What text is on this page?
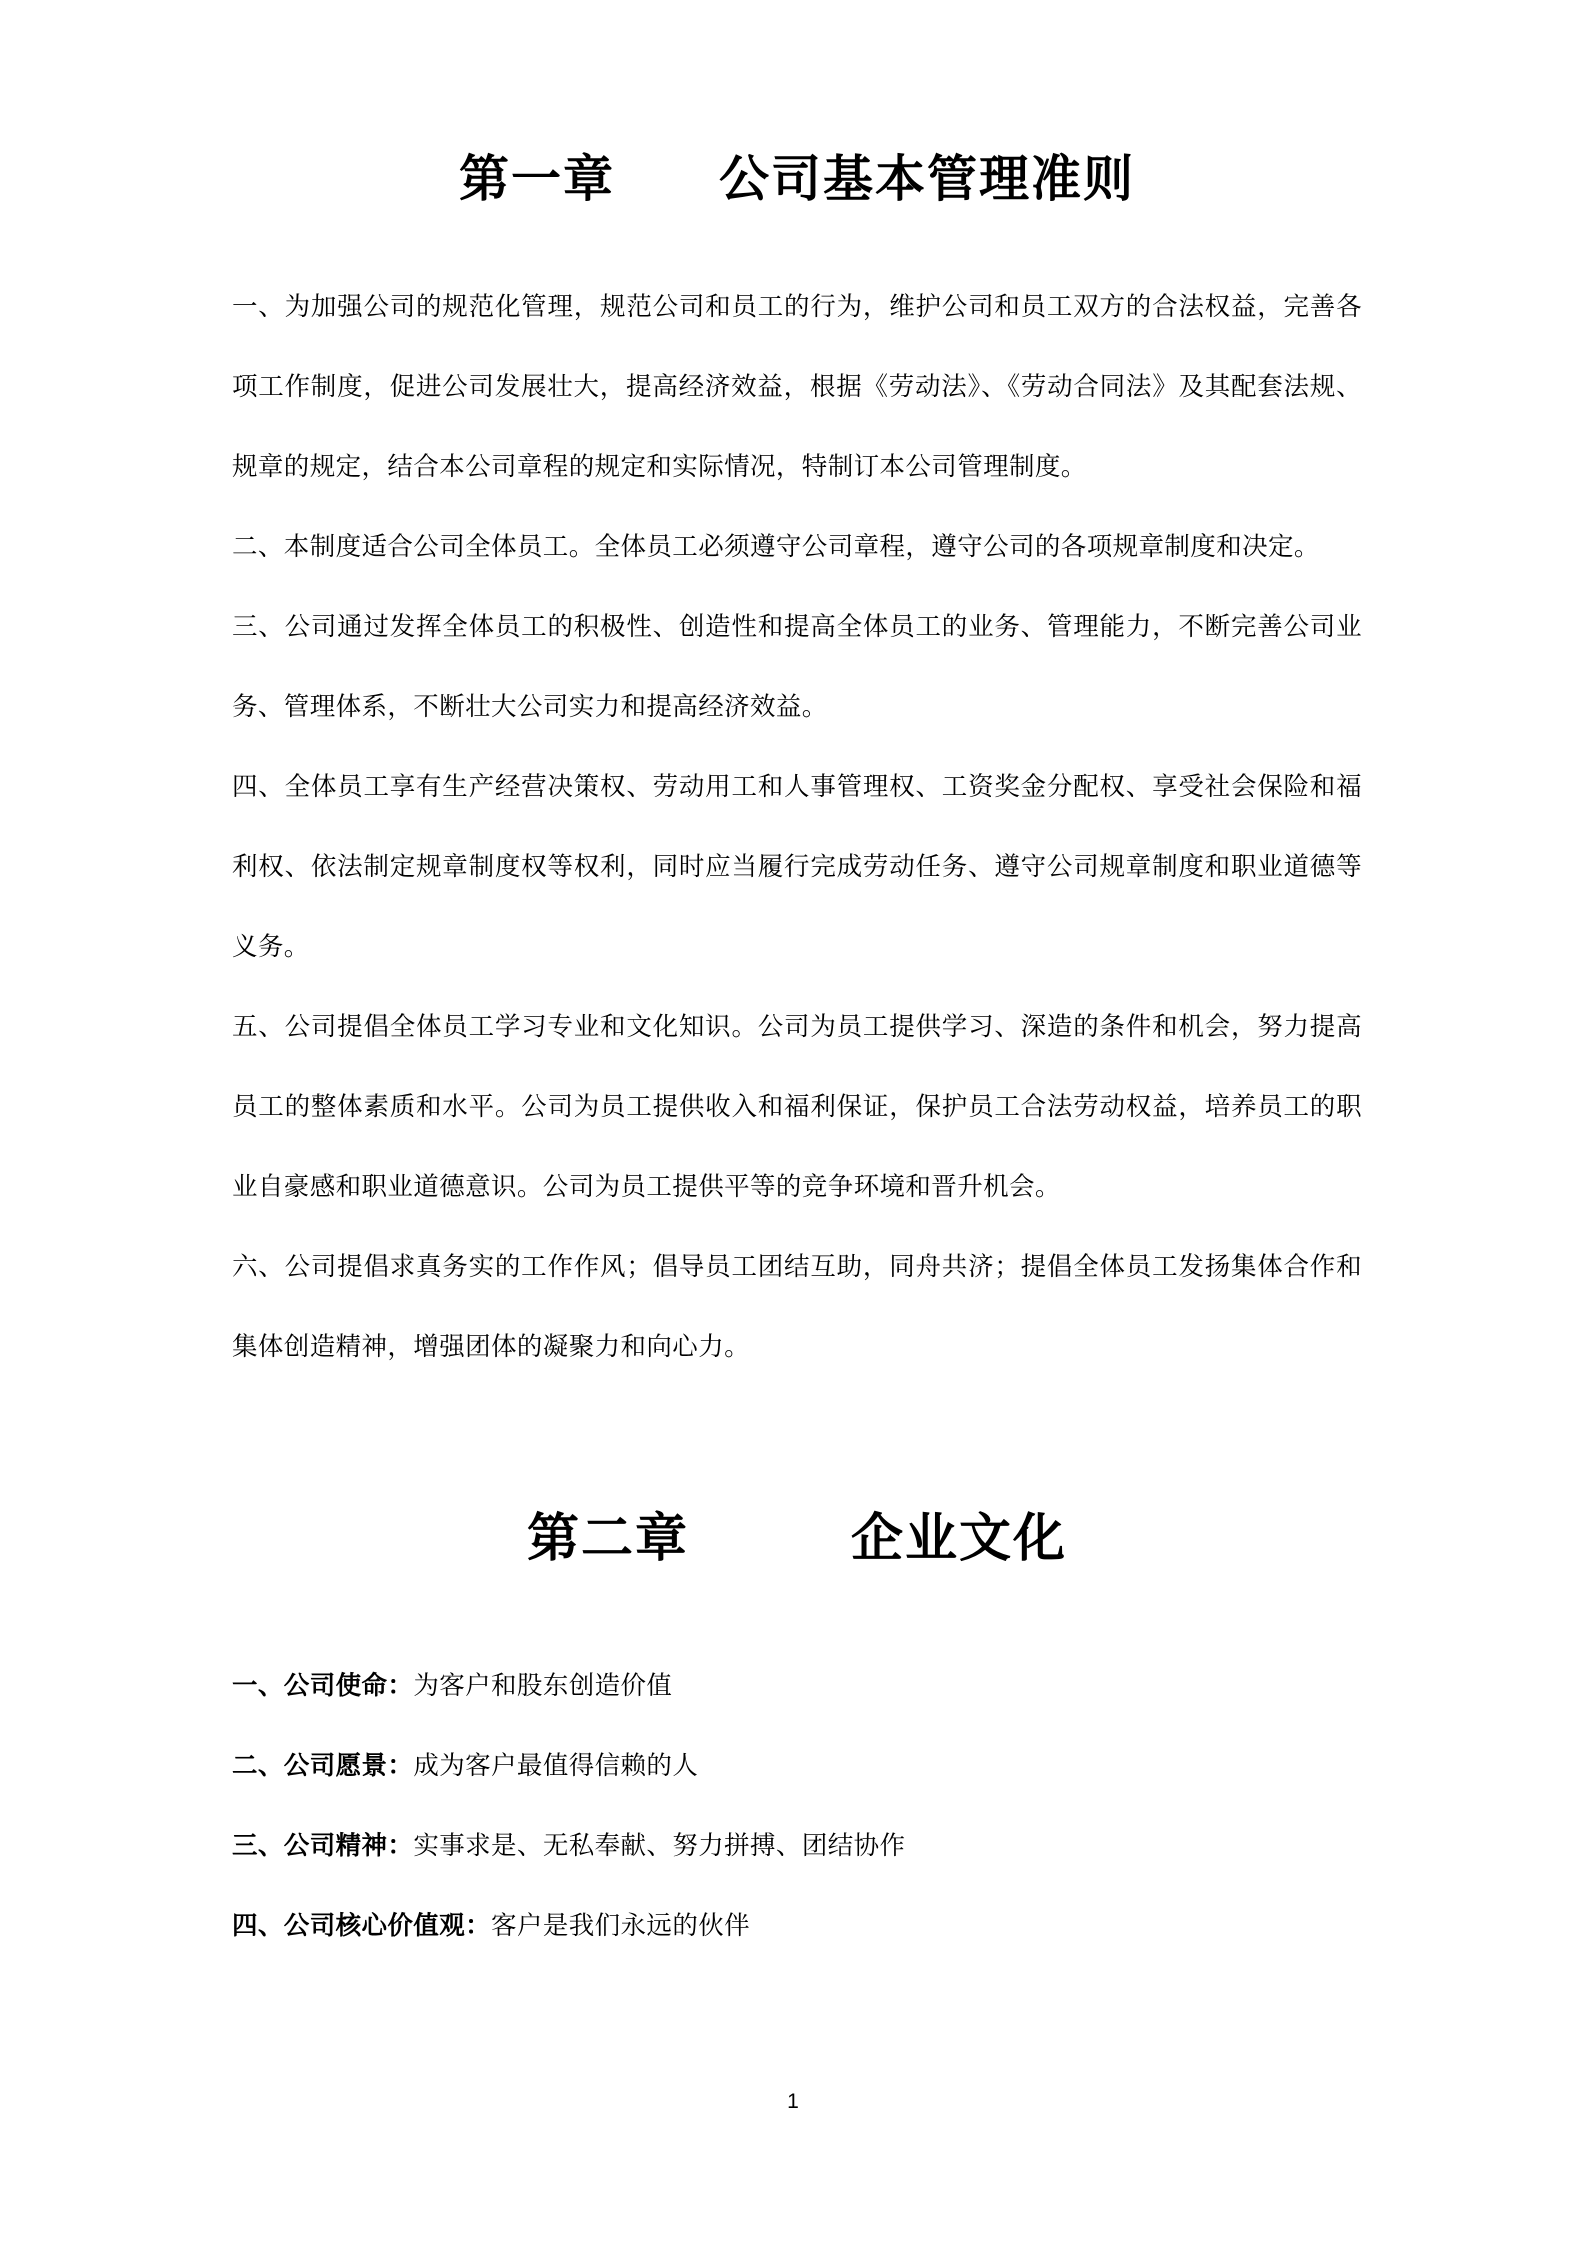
第一章　　公司基本管理准则

一、为加强公司的规范化管理，规范公司和员工的行为，维护公司和员工双方的合法权益，完善各项工作制度，促进公司发展壮大，提高经济效益，根据《劳动法》、《劳动合同法》及其配套法规、规章的规定，结合本公司章程的规定和实际情况，特制订本公司管理制度。

二、本制度适合公司全体员工。全体员工必须遵守公司章程，遵守公司的各项规章制度和决定。

三、公司通过发挥全体员工的积极性、创造性和提高全体员工的业务、管理能力，不断完善公司业务、管理体系，不断壮大公司实力和提高经济效益。

四、全体员工享有生产经营决策权、劳动用工和人事管理权、工资奖金分配权、享受社会保险和福利权、依法制定规章制度权等权利，同时应当履行完成劳动任务、遵守公司规章制度和职业道德等义务。

五、公司提倡全体员工学习专业和文化知识。公司为员工提供学习、深造的条件和机会，努力提高员工的整体素质和水平。公司为员工提供收入和福利保证，保护员工合法劳动权益，培养员工的职业自豪感和职业道德意识。公司为员工提供平等的竞争环境和晋升机会。

六、公司提倡求真务实的工作作风；倡导员工团结互助，同舟共济；提倡全体员工发扬集体合作和集体创造精神，增强团体的凝聚力和向心力。

第二章　　　企业文化

一、公司使命：为客户和股东创造价值

二、公司愿景：成为客户最值得信赖的人

三、公司精神：实事求是、无私奉献、努力拼搏、团结协作

四、公司核心价值观：客户是我们永远的伙伴

1
